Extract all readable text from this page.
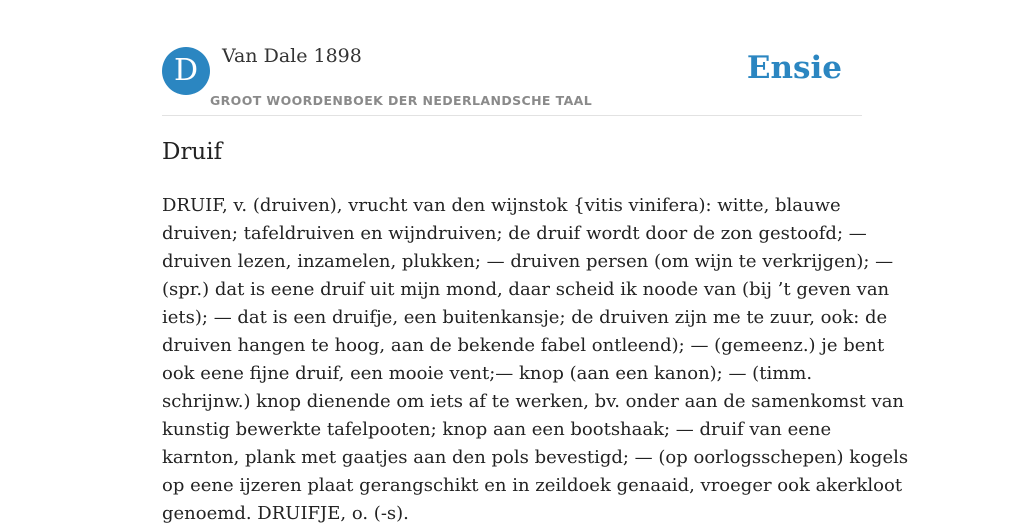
D	Van Dale 1898
GROOT WOORDENBOEK DER NEDERLANDSCHE TAAL
Ensie
Druif

DRUIF, v. (druiven), vrucht van den wijnstok {vitis vinifera): witte, blauwe
druiven; tafeldruiven en wijndruiven; de druif wordt door de zon gestoofd; —
druiven lezen, inzamelen, plukken; — druiven persen (om wijn te verkrijgen); —
(spr.) dat is eene druif uit mijn mond, daar scheid ik noode van (bij ’t geven van
iets); — dat is een druifje, een buitenkansje; de druiven zijn me te zuur, ook: de
druiven hangen te hoog, aan de bekende fabel ontleend); — (gemeenz.) je bent
ook eene fijne druif, een mooie vent;— knop (aan een kanon); — (timm.
schrijnw.) knop dienende om iets af te werken, bv. onder aan de samenkomst van
kunstig bewerkte tafelpooten; knop aan een bootshaak; — druif van eene
karnton, plank met gaatjes aan den pols bevestigd; — (op oorlogsschepen) kogels
op eene ijzeren plaat gerangschikt en in zeildoek genaaid, vroeger ook akerkloot
genoemd. DRUIFJE, o. (-s).
